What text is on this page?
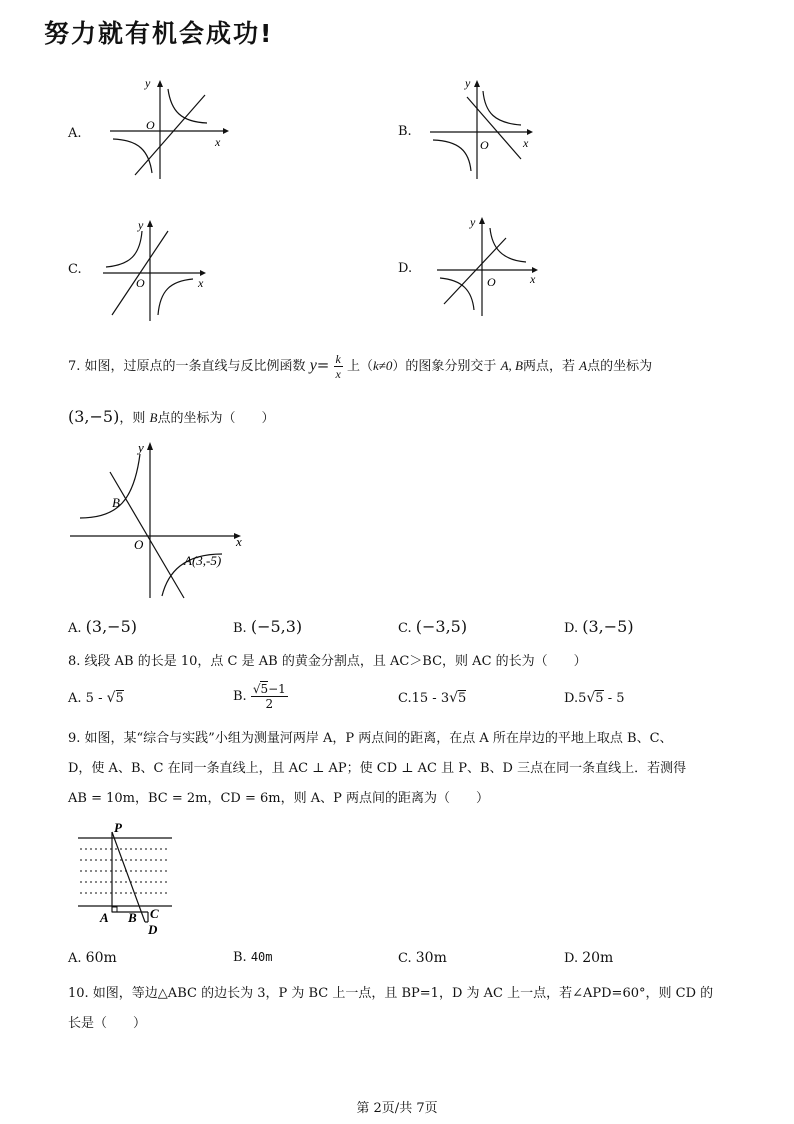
努力就有机会成功!
A.
x
y
O	B.
x
y
O
C.
x
y
O
D.
x
y
O
7. 如图，过原点的一条直线与反比例函数 $y= \frac{k}{x}$ 上（k≠0）的图象分别交于 A, B两点，若 A点的坐标为
(3,−5)，则 B点的坐标为（　　）
x
y
O
B
A(3,-5)
A. (3,−5)	B. (−5,3)	C. (−3,5)	D. (3,−5)
8. 线段 AB 的长是 10，点 C 是 AB 的黄金分割点，且 AC＞BC，则 AC 的长为（　　）
A. 5 - √5	B. $\frac{√5-1}{2}$	C.15 - 3√5	D.5√5 - 5
9. 如图，某“综合与实践”小组为测量河两岸 A，P 两点间的距离，在点 A 所在岸边的平地上取点 B、C、
D，使 A、B、C 在同一条直线上，且 AC ⊥ AP；使 CD ⊥ AC 且 P、B、D 三点在同一条直线上．若测得
AB = 10m，BC = 2m，CD = 6m，则 A、P 两点间的距离为（　　）
P
A B C
D
A. 60m	B. 40m	C. 30m	D. 20m
10. 如图，等边△ABC 的边长为 3，P 为 BC 上一点，且 BP=1，D 为 AC 上一点，若∠APD=60°，则 CD 的
长是（　　）
第 2页/共 7页
